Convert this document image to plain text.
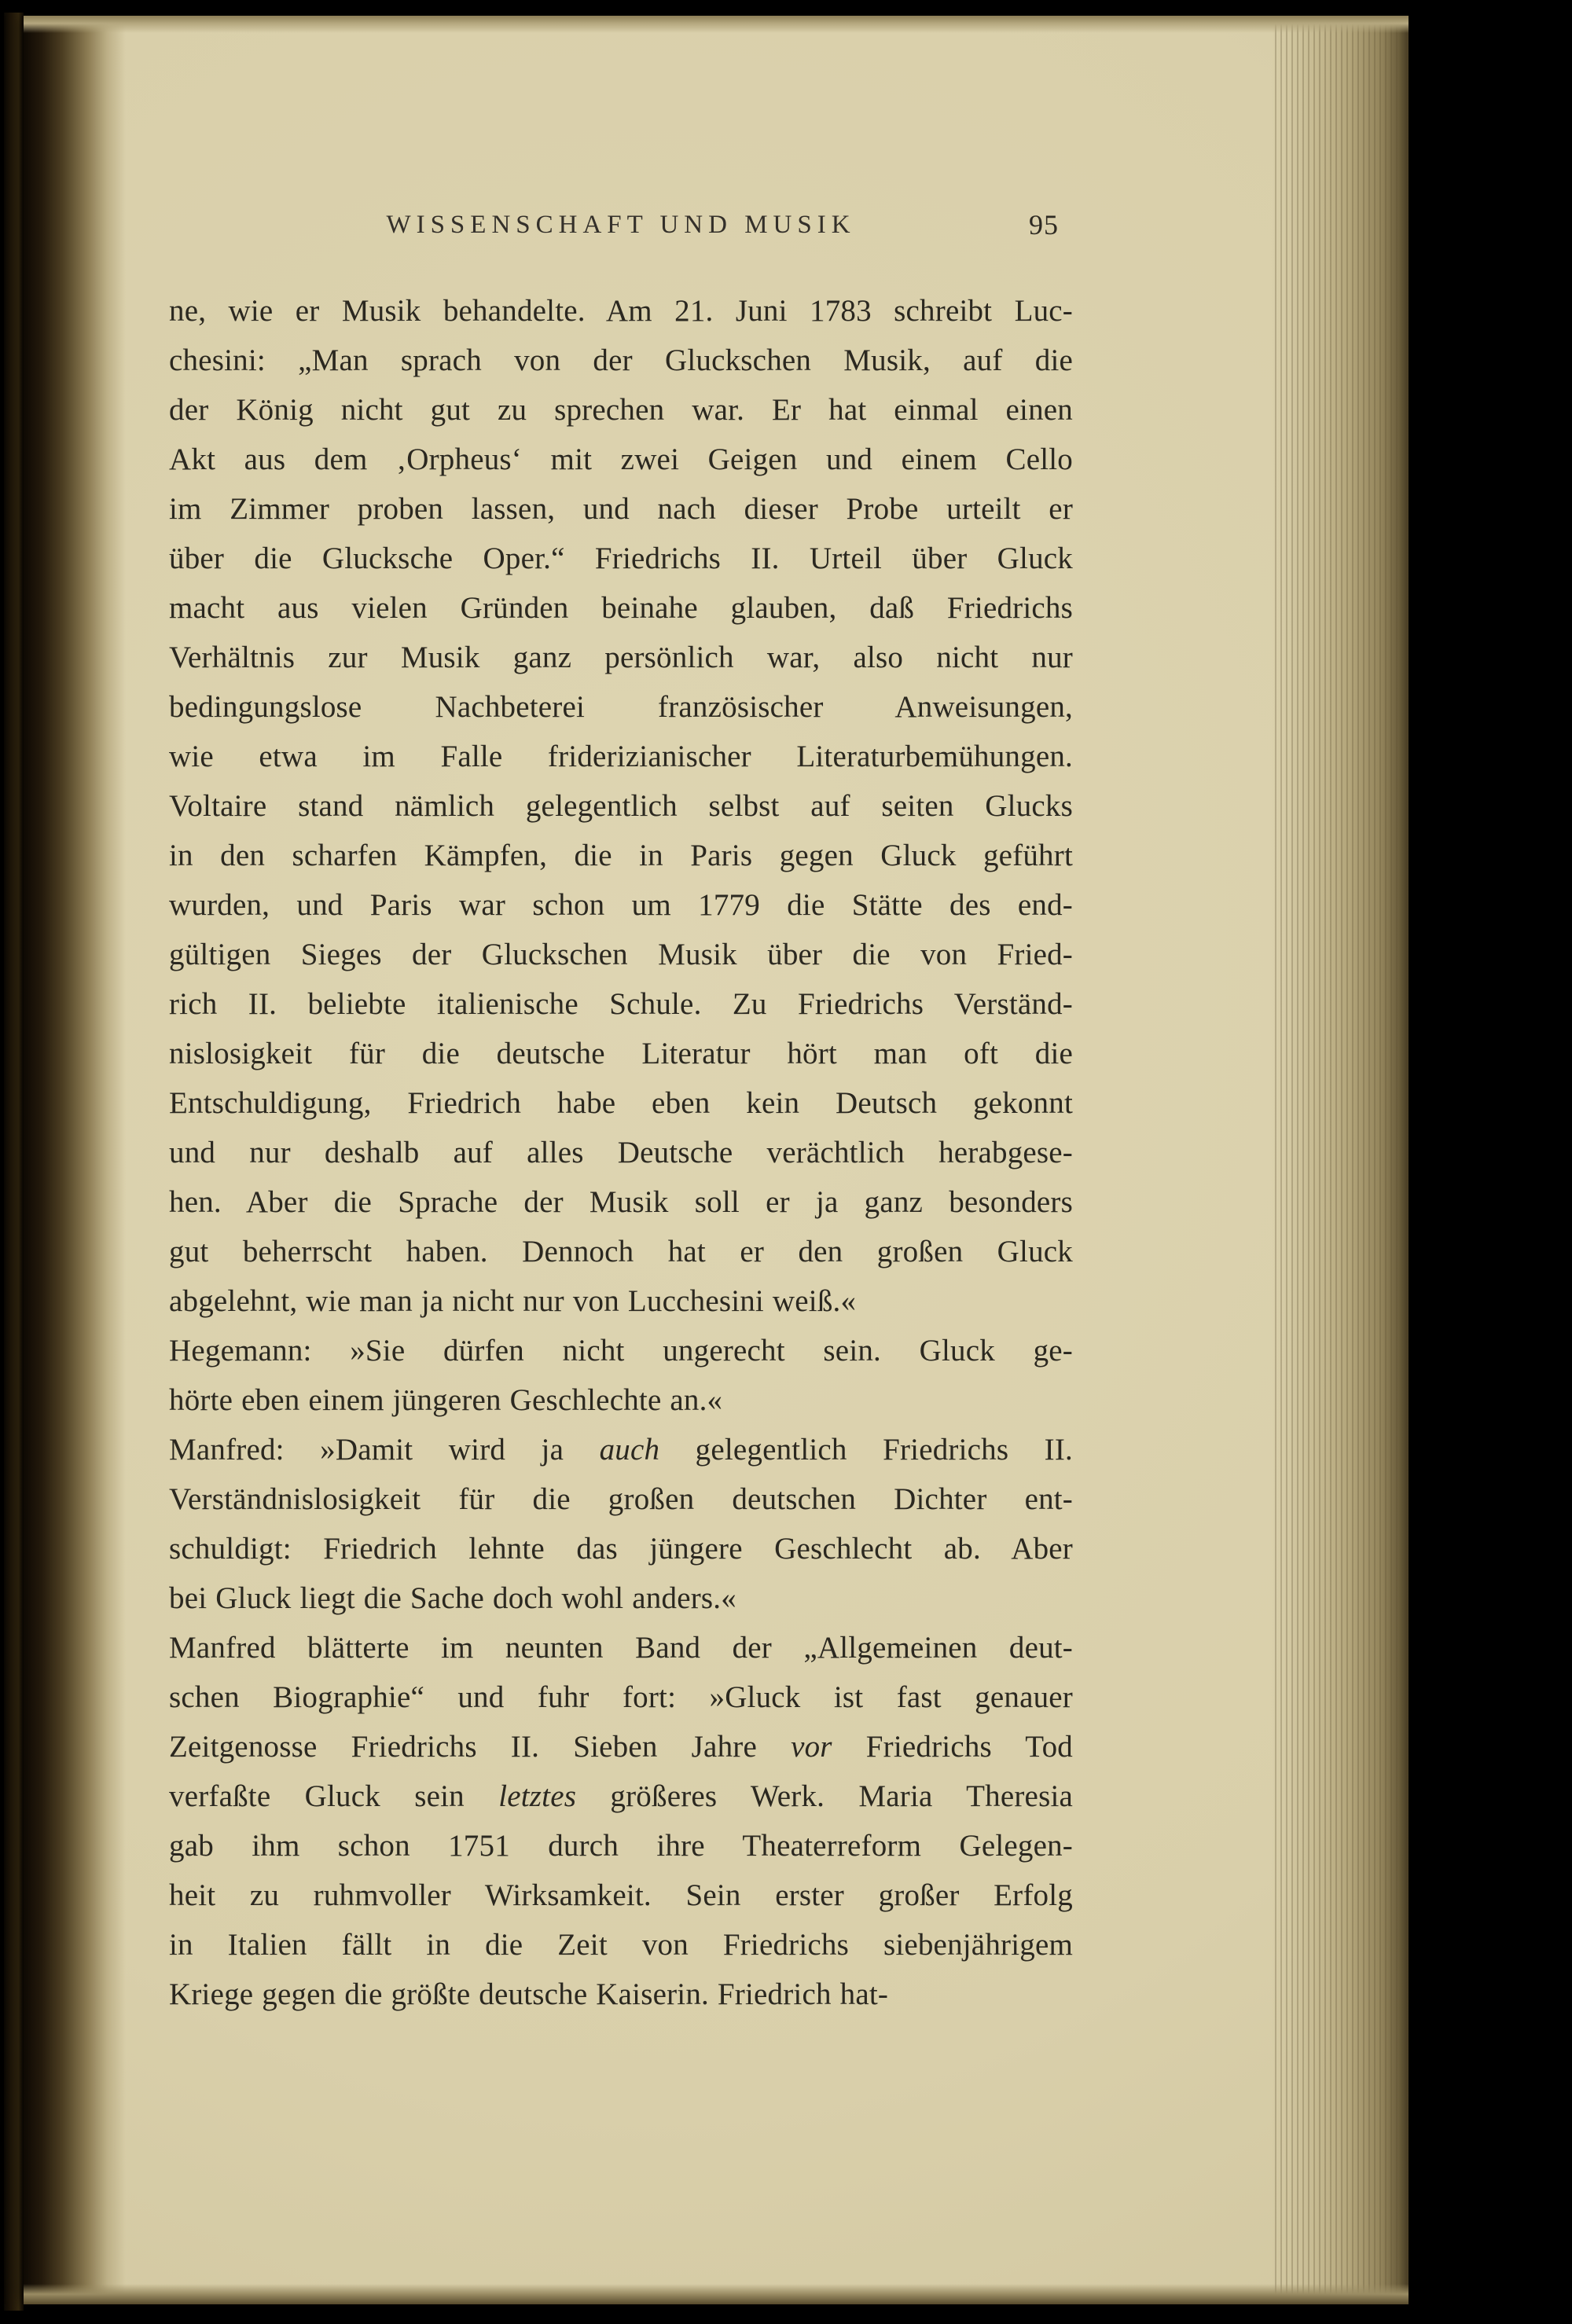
WISSENSCHAFT UND MUSIK	95
ne, wie er Musik behandelte. Am 21. Juni 1783 schreibt Luc-
chesini: „Man sprach von der Gluckschen Musik, auf die
der König nicht gut zu sprechen war. Er hat einmal einen
Akt aus dem ‚Orpheus‘ mit zwei Geigen und einem Cello
im Zimmer proben lassen, und nach dieser Probe urteilt er
über die Glucksche Oper.“ Friedrichs II. Urteil über Gluck
macht aus vielen Gründen beinahe glauben, daß Friedrichs
Verhältnis zur Musik ganz persönlich war, also nicht nur
bedingungslose Nachbeterei französischer Anweisungen,
wie etwa im Falle friderizianischer Literaturbemühungen.
Voltaire stand nämlich gelegentlich selbst auf seiten Glucks
in den scharfen Kämpfen, die in Paris gegen Gluck geführt
wurden, und Paris war schon um 1779 die Stätte des end-
gültigen Sieges der Gluckschen Musik über die von Fried-
rich II. beliebte italienische Schule. Zu Friedrichs Verständ-
nislosigkeit für die deutsche Literatur hört man oft die
Entschuldigung, Friedrich habe eben kein Deutsch gekonnt
und nur deshalb auf alles Deutsche verächtlich herabgese-
hen. Aber die Sprache der Musik soll er ja ganz besonders
gut beherrscht haben. Dennoch hat er den großen Gluck
abgelehnt, wie man ja nicht nur von Lucchesini weiß.«
Hegemann: »Sie dürfen nicht ungerecht sein. Gluck ge-
hörte eben einem jüngeren Geschlechte an.«
Manfred: »Damit wird ja auch gelegentlich Friedrichs II.
Verständnislosigkeit für die großen deutschen Dichter ent-
schuldigt: Friedrich lehnte das jüngere Geschlecht ab. Aber
bei Gluck liegt die Sache doch wohl anders.«
Manfred blätterte im neunten Band der „Allgemeinen deut-
schen Biographie“ und fuhr fort: »Gluck ist fast genauer
Zeitgenosse Friedrichs II. Sieben Jahre vor Friedrichs Tod
verfaßte Gluck sein letztes größeres Werk. Maria Theresia
gab ihm schon 1751 durch ihre Theaterreform Gelegen-
heit zu ruhmvoller Wirksamkeit. Sein erster großer Erfolg
in Italien fällt in die Zeit von Friedrichs siebenjährigem
Kriege gegen die größte deutsche Kaiserin. Friedrich hat-
